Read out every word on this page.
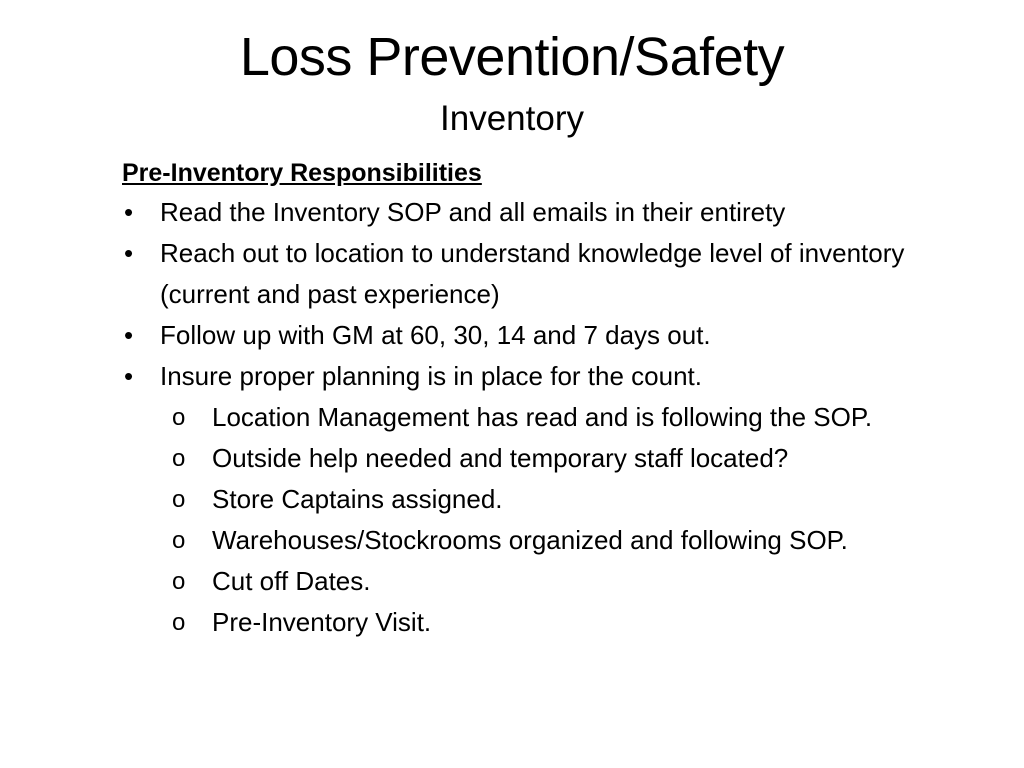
Loss Prevention/Safety
Inventory
Pre-Inventory Responsibilities
•	Read the Inventory SOP and all emails in their entirety
•	Reach out to location to understand knowledge level of inventory (current and past experience)
•	Follow up with GM at 60, 30, 14 and 7 days out.
•	Insure proper planning is in place for the count.
o	Location Management has read and is following the SOP.
o	Outside help needed and temporary staff located?
o	Store Captains assigned.
o	Warehouses/Stockrooms organized and following SOP.
o	Cut off Dates.
o	Pre-Inventory Visit.
